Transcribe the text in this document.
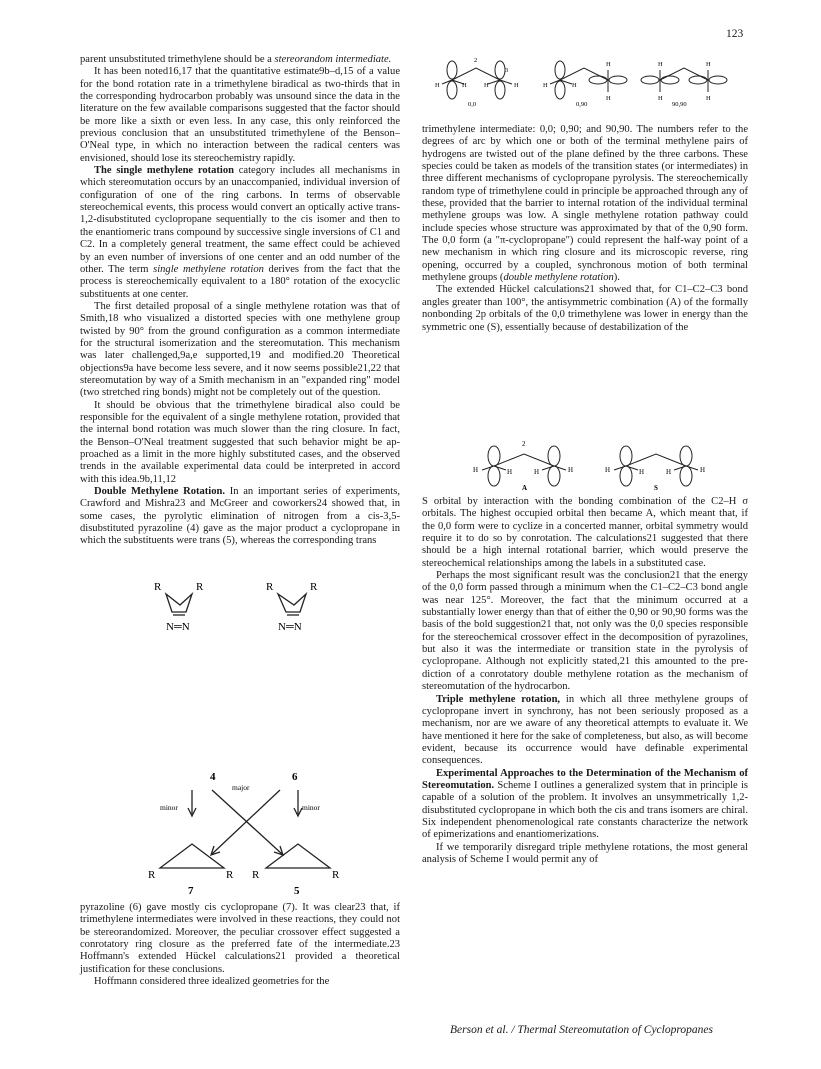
123

parent unsubstituted trimethylene should be a stereorandom intermediate.

It has been noted16,17 that the quantitative estimate9b–d,15 of a value for the bond rotation rate in a trimethylene biradical as two-thirds that in the corresponding hydrocarbon probably was unsound since the data in the literature on the few available comparisons suggested that the factor should be more like a sixth or even less. In any case, this only reinforced the previous conclusion that an unsubstituted trimethylene of the Benson–O'Neal type, in which no interaction between the radical centers was envisioned, should lose its stereochemistry rapidly.

The single methylene rotation category includes all mechanisms in which stereomutation occurs by an unaccompanied, individual inversion of configuration of one of the ring carbons. In terms of observable stereochemical events, this process would convert an optically active trans-1,2-disubstituted cyclopropane sequentially to the cis isomer and then to the enantiomeric trans compound by successive single inversions of C1 and C2. In a completely general treatment, the same effect could be achieved by an even number of inversions of one center and an odd number of the other. The term single methylene rotation derives from the fact that the process is stereochemically equivalent to a 180° rotation of the exocyclic substituents at one center.

The first detailed proposal of a single methylene rotation was that of Smith,18 who visualized a distorted species with one methylene group twisted by 90° from the ground configuration as a common intermediate for the structural isomerization and the stereomutation. This mechanism was later challenged,9a,e supported,19 and modified.20 Theoretical objections9a have become less severe, and it now seems possible21,22 that stereomutation by way of a Smith mechanism in an "expanded ring" model (two stretched ring bonds) might not be completely out of the question.

It should be obvious that the trimethylene biradical also could be responsible for the equivalent of a single methylene rotation, provided that the internal bond rotation was much slower than the ring closure. In fact, the Benson–O'Neal treatment suggested that such behavior might be approached as a limit in the more highly substituted cases, and the observed trends in the available experimental data could be interpreted in accord with this idea.9b,11,12

Double Methylene Rotation. In an important series of experiments, Crawford and Mishra23 and McGreer and coworkers24 showed that, in some cases, the pyrolytic elimination of nitrogen from a cis-3,5-disubstituted pyrazoline (4) gave as the major product a cyclopropane in which the substituents were trans (5), whereas the corresponding trans

R	R	R	R
N═N	N═N
4	6
R	R R	R
7	5
major
minor	minor

pyrazoline (6) gave mostly cis cyclopropane (7). It was clear23 that, if trimethylene intermediates were involved in these reactions, they could not be stereorandomized. Moreover, the peculiar crossover effect suggested a conrotatory ring closure as the preferred fate of the intermediate.23 Hoffmann's extended Hückel calculations21 provided a theoretical justification for these conclusions.

Hoffmann considered three idealized geometries for the

2
3
H	H	H	H	H	H
H
H
H
H
H
H
0,0	0,90	90,90

trimethylene intermediate: 0,0; 0,90; and 90,90. The numbers refer to the degrees of arc by which one or both of the terminal methylene pairs of hydrogens are twisted out of the plane defined by the three carbons. These species could be taken as models of the transition states (or intermediates) in three different mechanisms of cyclopropane pyrolysis. The stereochemically random type of trimethylene could in principle be approached through any of these, provided that the barrier to internal rotation of the individual terminal methylene groups was low. A single methylene rotation pathway could include species whose structure was approximated by that of the 0,90 form. The 0,0 form (a "π-cyclopropane") could represent the half-way point of a new mechanism in which ring closure and its microscopic reverse, ring opening, occurred by a coupled, synchronous motion of both terminal methylene groups (double methylene rotation).

The extended Hückel calculations21 showed that, for C1–C2–C3 bond angles greater than 100°, the antisymmetric combination (A) of the formally nonbonding 2p orbitals of the 0,0 trimethylene was lower in energy than the symmetric one (S), essentially because of destabilization of the

2
H	H	H	H	H	H	H	H
A	S

S orbital by interaction with the bonding combination of the C2–H σ orbitals. The highest occupied orbital then became A, which meant that, if the 0,0 form were to cyclize in a concerted manner, orbital symmetry would require it to do so by conrotation. The calculations21 suggested that there should be a high internal rotational barrier, which would preserve the stereochemical relationships among the labels in a substituted case.

Perhaps the most significant result was the conclusion21 that the energy of the 0,0 form passed through a minimum when the C1–C2–C3 bond angle was near 125°. Moreover, the fact that the minimum occurred at a substantially lower energy than that of either the 0,90 or 90,90 forms was the basis of the bold suggestion21 that, not only was the 0,0 species responsible for the stereochemical crossover effect in the decomposition of pyrazolines, but also it was the intermediate or transition state in the pyrolysis of cyclopropane. Although not explicitly stated,21 this amounted to the prediction of a conrotatory double methylene rotation as the mechanism of stereomutation of the hydrocarbon.

Triple methylene rotation, in which all three methylene groups of cyclopropane invert in synchrony, has not been seriously proposed as a mechanism, nor are we aware of any theoretical attempts to evaluate it. We have mentioned it here for the sake of completeness, but also, as will become evident, because its occurrence would have definable experimental consequences.

Experimental Approaches to the Determination of the Mechanism of Stereomutation. Scheme I outlines a generalized system that in principle is capable of a solution of the problem. It involves an unsymmetrically 1,2-disubstituted cyclopropane in which both the cis and trans isomers are chiral. Six independent phenomenological rate constants characterize the network of epimerizations and enantiomerizations.

If we temporarily disregard triple methylene rotations, the most general analysis of Scheme I would permit any of

Berson et al. / Thermal Stereomutation of Cyclopropanes
